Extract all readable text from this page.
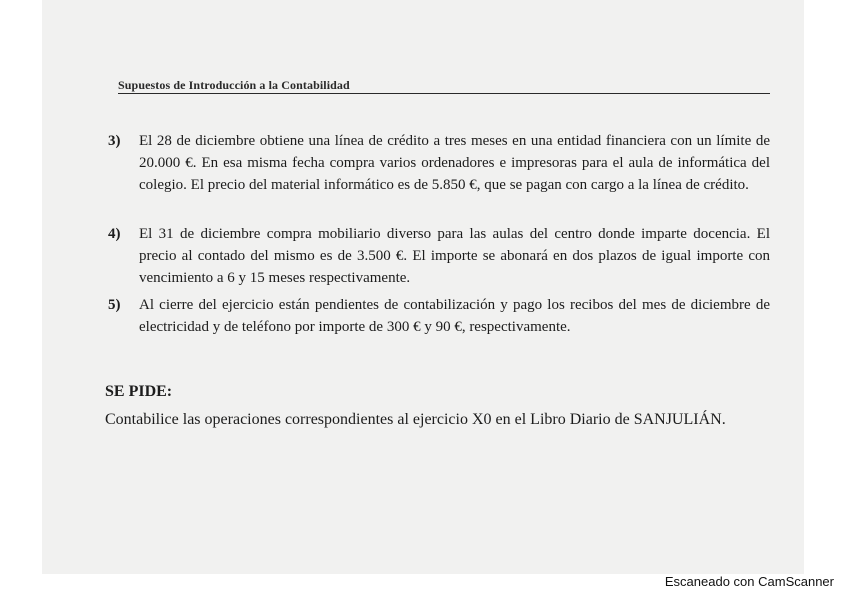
Supuestos de Introducción a la Contabilidad
3)	El 28 de diciembre obtiene una línea de crédito a tres meses en una entidad financiera con un límite de 20.000 €. En esa misma fecha compra varios ordenadores e impresoras para el aula de informática del colegio. El precio del material informático es de 5.850 €, que se pagan con cargo a la línea de crédito.
4)	El 31 de diciembre compra mobiliario diverso para las aulas del centro donde imparte docencia. El precio al contado del mismo es de 3.500 €. El importe se abonará en dos plazos de igual importe con vencimiento a 6 y 15 meses respectivamente.
5)	Al cierre del ejercicio están pendientes de contabilización y pago los recibos del mes de diciembre de electricidad y de teléfono por importe de 300 € y 90 €, respectivamente.
SE PIDE:
Contabilice las operaciones correspondientes al ejercicio X0 en el Libro Diario de SANJULIÁN.
Escaneado con CamScanner
